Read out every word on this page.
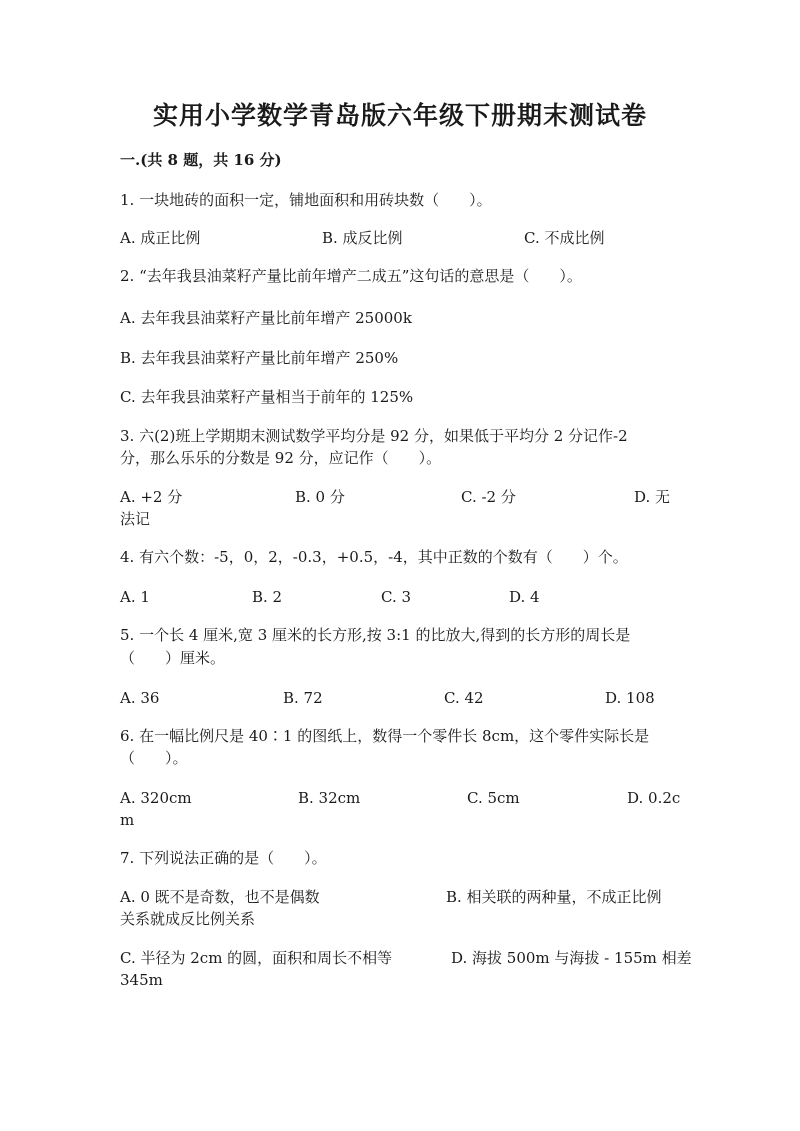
实用小学数学青岛版六年级下册期末测试卷
一.(共 8 题，共 16 分)
1. 一块地砖的面积一定，铺地面积和用砖块数（　　）。
A. 成正比例	B. 成反比例	C. 不成比例
2. “去年我县油菜籽产量比前年增产二成五”这句话的意思是（　　）。
A. 去年我县油菜籽产量比前年增产 25000k
B. 去年我县油菜籽产量比前年增产 250%
C. 去年我县油菜籽产量相当于前年的 125%
3. 六(2)班上学期期末测试数学平均分是 92 分，如果低于平均分 2 分记作-2
分，那么乐乐的分数是 92 分，应记作（　　）。
A. +2 分	B. 0 分	C. -2 分	D. 无
法记
4. 有六个数：-5，0，2，-0.3，+0.5，-4，其中正数的个数有（　　）个。
A. 1	B. 2	C. 3	D. 4
5. 一个长 4 厘米,宽 3 厘米的长方形,按 3:1 的比放大,得到的长方形的周长是
（　　）厘米。
A. 36	B. 72	C. 42	D. 108
6. 在一幅比例尺是 40∶1 的图纸上，数得一个零件长 8cm，这个零件实际长是
（　　）。
A. 320cm	B. 32cm	C. 5cm	D. 0.2c
m
7. 下列说法正确的是（　　）。
A. 0 既不是奇数，也不是偶数	B. 相关联的两种量，不成正比例
关系就成反比例关系
C. 半径为 2cm 的圆，面积和周长不相等	D. 海拔 500m 与海拔 - 155m 相差
345m
